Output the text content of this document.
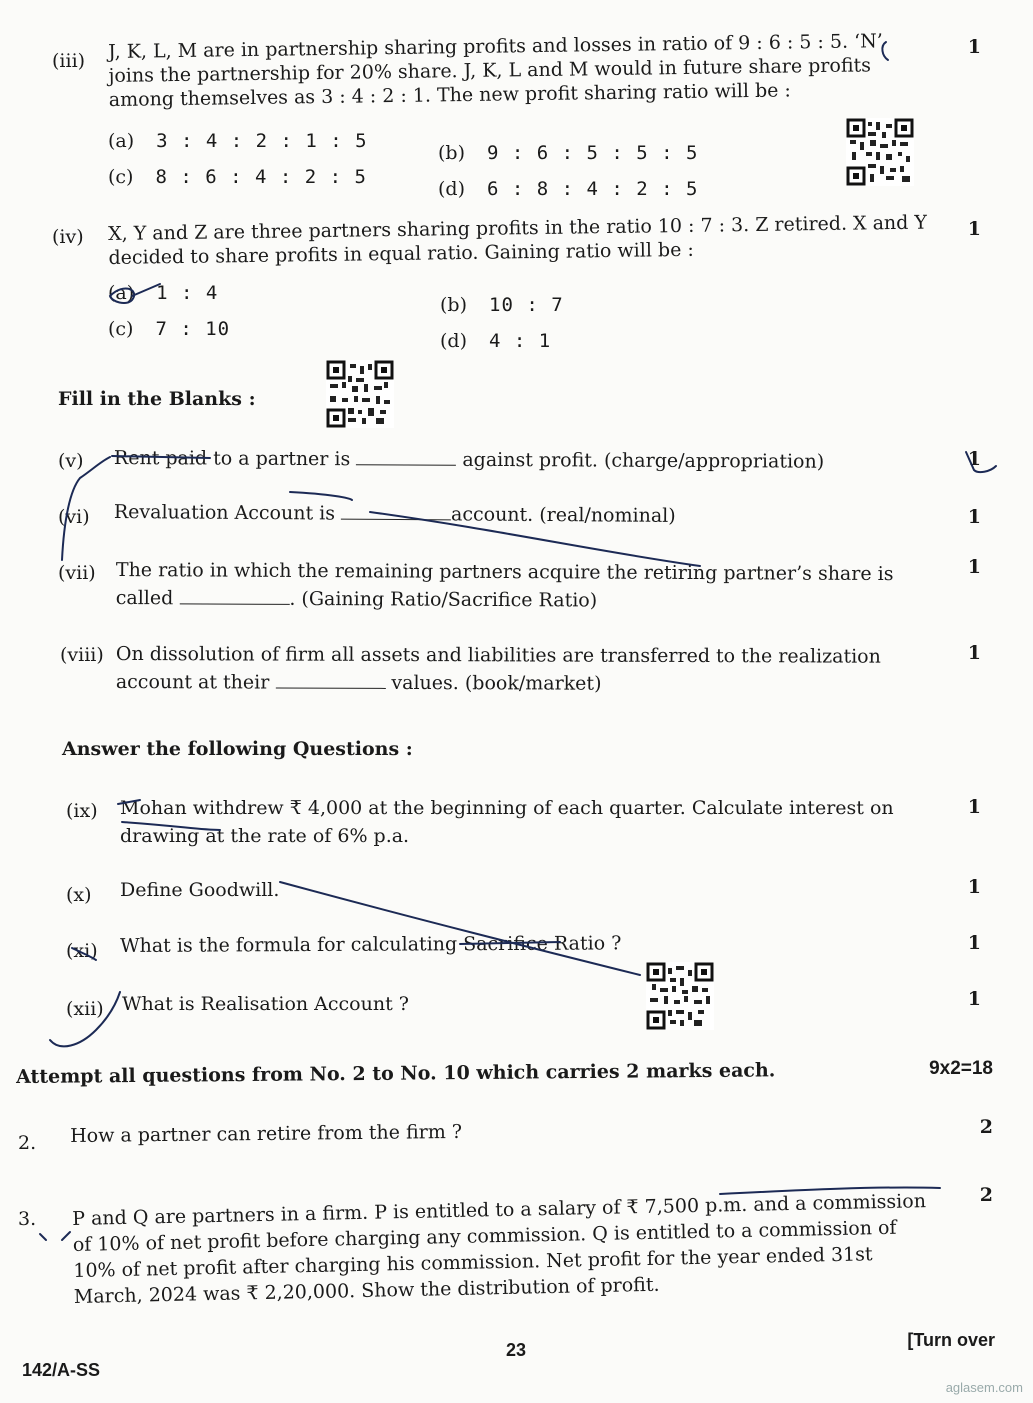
(iii) J, K, L, M are in partnership sharing profits and losses in ratio of 9 : 6 : 5 : 5. ‘N’ joins the partnership for 20% share. J, K, L and M would in future share profits among themselves as 3 : 4 : 2 : 1. The new profit sharing ratio will be :
1
(a) 3 : 4 : 2 : 1 : 5
(b) 9 : 6 : 5 : 5 : 5
(c) 8 : 6 : 4 : 2 : 5
(d) 6 : 8 : 4 : 2 : 5
(iv) X, Y and Z are three partners sharing profits in the ratio 10 : 7 : 3. Z retired. X and Y decided to share profits in equal ratio. Gaining ratio will be :
1
(a) 1 : 4
(b) 10 : 7
(c) 7 : 10
(d) 4 : 1
Fill in the Blanks :
(v) Rent paid to a partner is	against profit. (charge/appropriation)	1
(vi) Revaluation Account is	account. (real/nominal)	1
(vii) The ratio in which the remaining partners acquire the retiring partner’s share is called	. (Gaining Ratio/Sacrifice Ratio)
1
(viii) On dissolution of firm all assets and liabilities are transferred to the realization account at their	values. (book/market)
1
Answer the following Questions :
(ix) Mohan withdrew ₹ 4,000 at the beginning of each quarter. Calculate interest on drawing at the rate of 6% p.a.
1
(x) Define Goodwill.	1
(xi) What is the formula for calculating Sacrifice Ratio ?	1
(xii) What is Realisation Account ?	1
Attempt all questions from No. 2 to No. 10 which carries 2 marks each.	9x2=18
2. How a partner can retire from the firm ?	2
3. P and Q are partners in a firm. P is entitled to a salary of ₹ 7,500 p.m. and a commission of 10% of net profit before charging any commission. Q is entitled to a commission of 10% of net profit after charging his commission. Net profit for the year ended 31st March, 2024 was ₹ 2,20,000. Show the distribution of profit.
2
23	[Turn over
142/A-SS
aglasem.com
